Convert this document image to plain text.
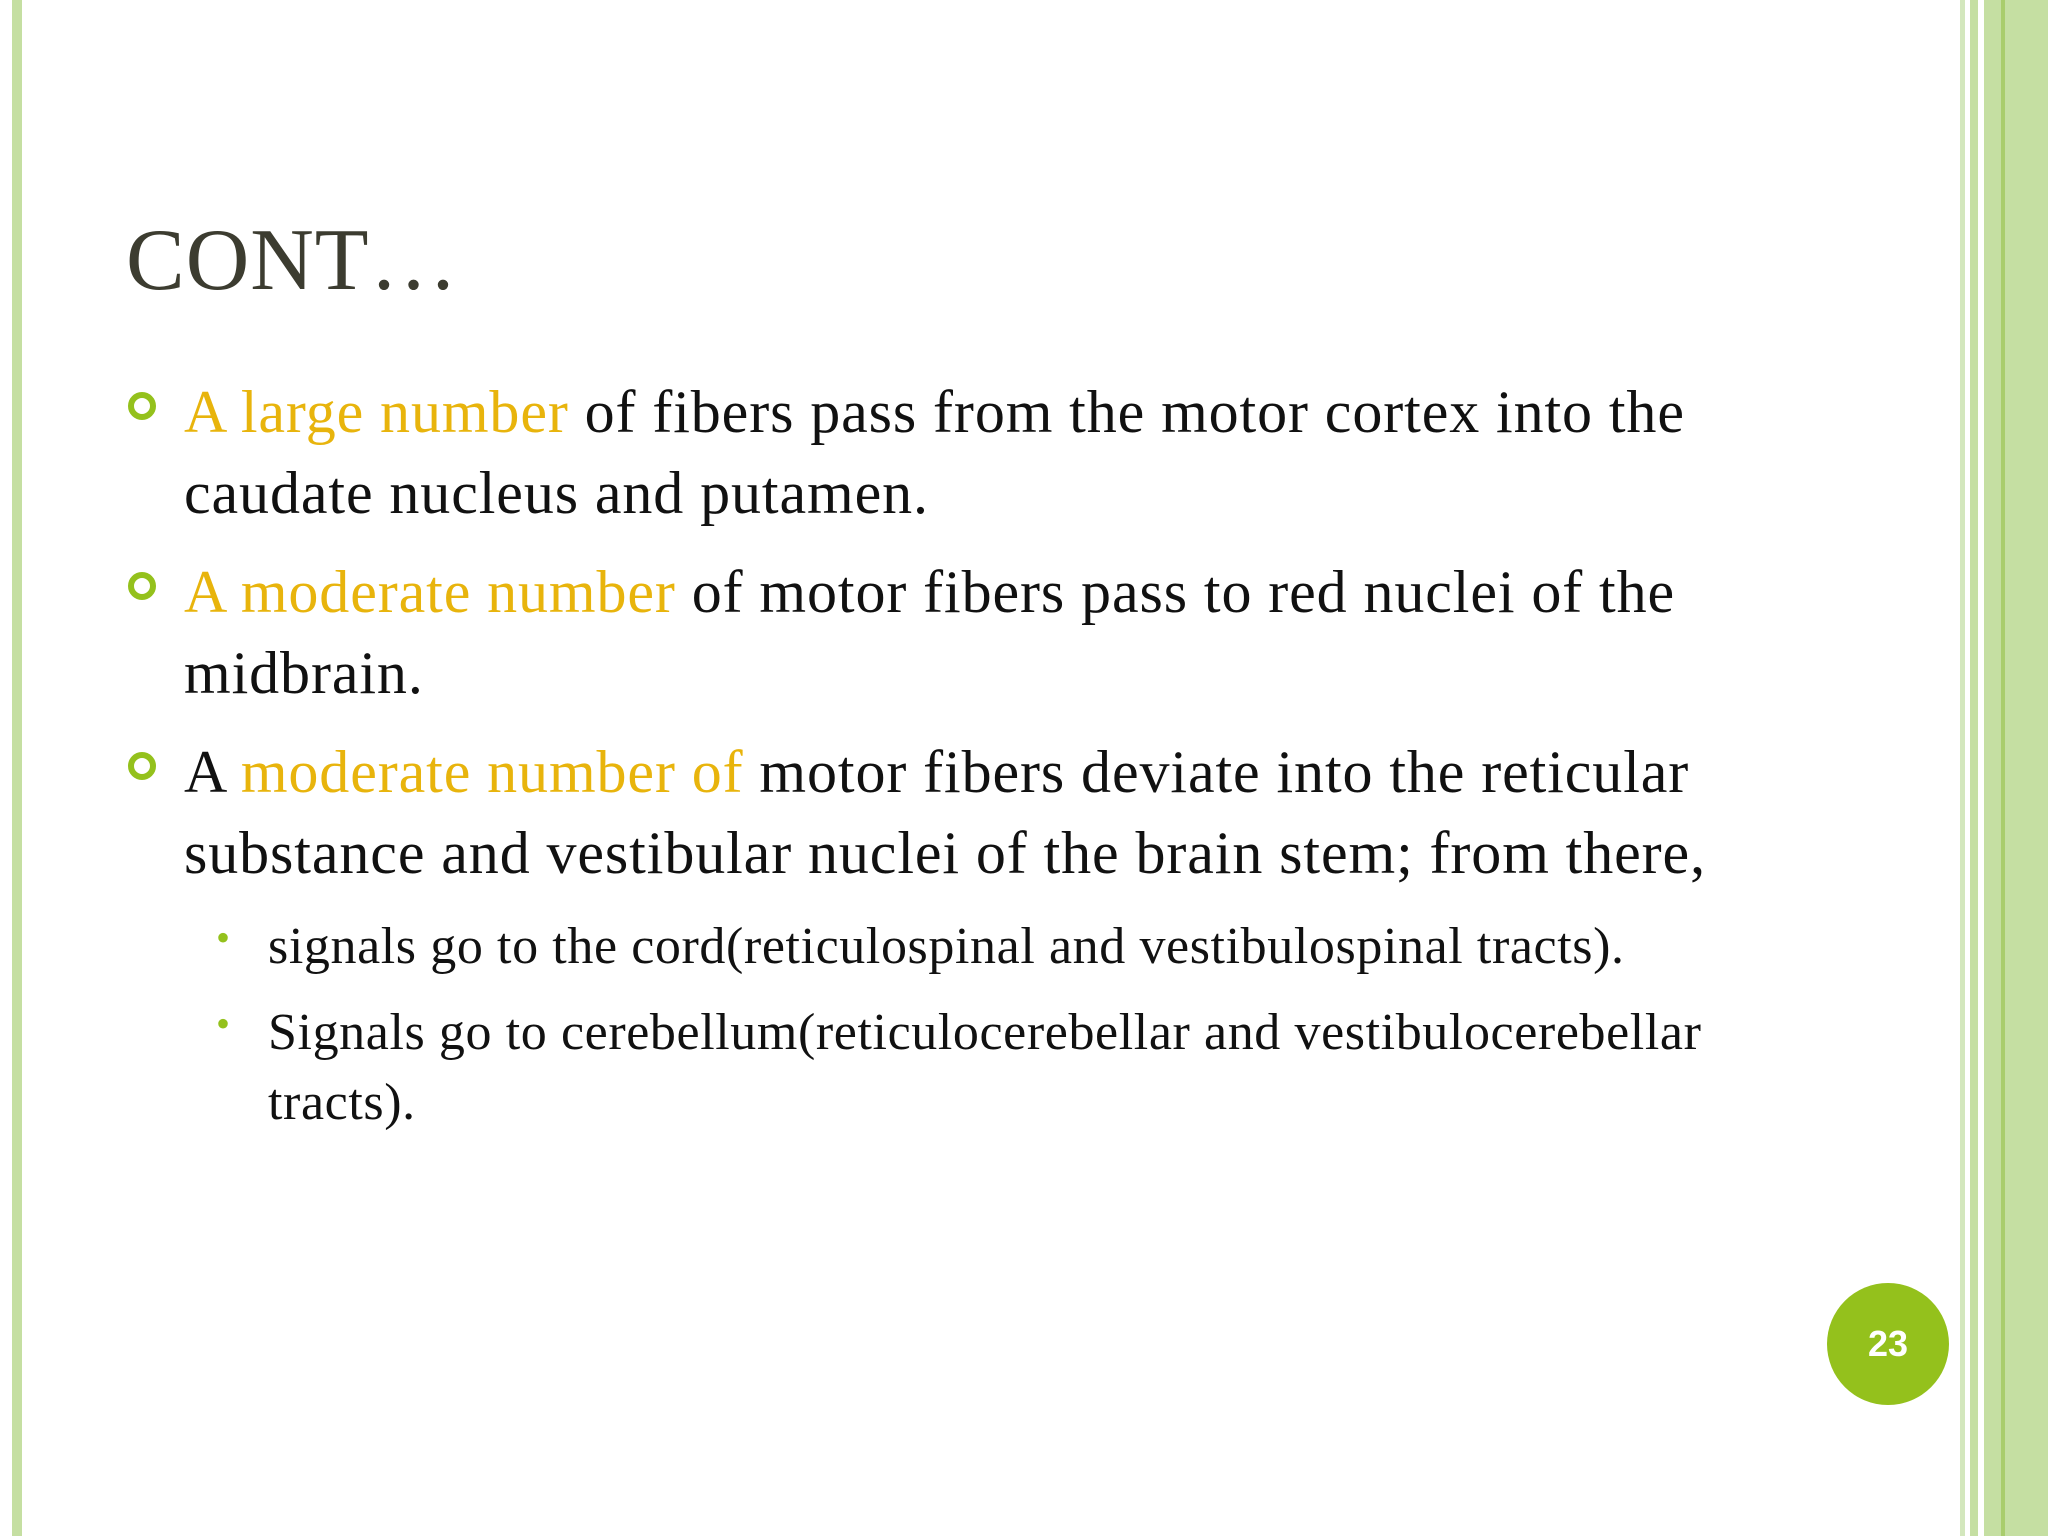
CONT…
A large number of fibers pass from the motor cortex into the caudate nucleus and putamen.
A moderate number of motor fibers pass to red nuclei of the midbrain.
A moderate number of motor fibers deviate into the reticular substance and vestibular nuclei of the brain stem; from there,
• signals go to the cord(reticulospinal and vestibulospinal tracts).
• Signals go to cerebellum(reticulocerebellar and vestibulocerebellar tracts).
23
